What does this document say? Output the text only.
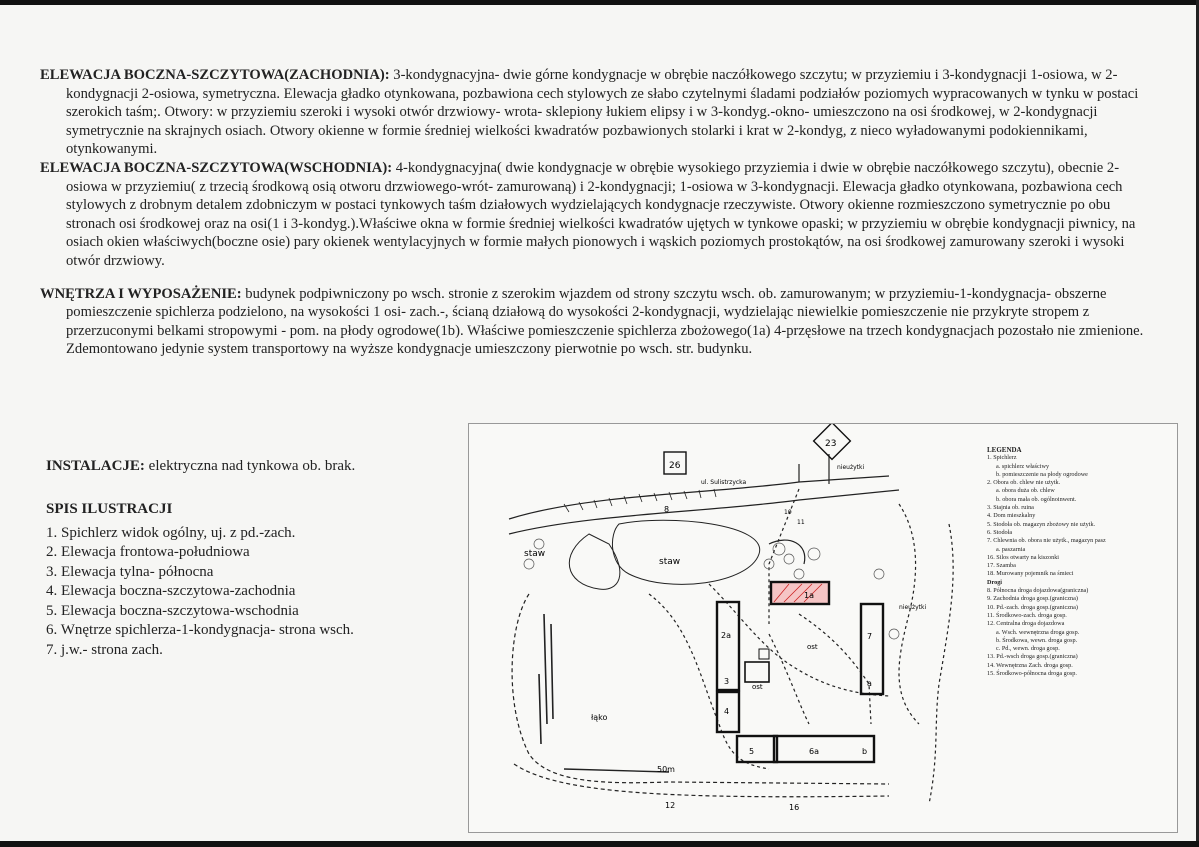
ELEWACJA BOCZNA-SZCZYTOWA(ZACHODNIA): 3-kondygnacyjna- dwie górne kondygnacje w obrębie naczółkowego szczytu; w przyziemiu i 3-kondygnacji 1-osiowa, w 2-kondygnacji 2-osiowa, symetryczna. Elewacja gładko otynkowana, pozbawiona cech stylowych ze słabo czytelnymi śladami podziałów poziomych wypracowanych w tynku w postaci szerokich taśm;. Otwory: w przyziemiu szeroki i wysoki otwór drzwiowy- wrota- sklepiony łukiem elipsy i w 3-kondyg.-okno- umieszczono na osi środkowej, w 2-kondygnacji symetrycznie na skrajnych osiach. Otwory okienne w formie średniej wielkości kwadratów pozbawionych stolarki i krat w 2-kondyg, z nieco wyładowanymi podokiennikami, otynkowanymi.

ELEWACJA BOCZNA-SZCZYTOWA(WSCHODNIA): 4-kondygnacyjna( dwie kondygnacje w obrębie wysokiego przyziemia i dwie w obrębie naczółkowego szczytu), obecnie 2-osiowa w przyziemiu( z trzecią środkową osią otworu drzwiowego-wrót- zamurowaną) i 2-kondygnacji; 1-osiowa w 3-kondygnacji. Elewacja gładko otynkowana, pozbawiona cech stylowych z drobnym detalem zdobniczym w postaci tynkowych taśm działowych wydzielających kondygnacje rzeczywiste. Otwory okienne rozmieszczono symetrycznie po obu stronach osi środkowej oraz na osi(1 i 3-kondyg.).Właściwe okna w formie średniej wielkości kwadratów ujętych w tynkowe opaski; w przyziemiu w obrębie kondygnacji piwnicy, na osiach okien właściwych(boczne osie) pary okienek wentylacyjnych w formie małych pionowych i wąskich poziomych prostokątów, na osi środkowej zamurowany szeroki i wysoki otwór drzwiowy.

WNĘTRZA I WYPOSAŻENIE: budynek podpiwniczony po wsch. stronie z szerokim wjazdem od strony szczytu wsch. ob. zamurowanym; w przyziemiu-1-kondygnacja- obszerne pomieszczenie spichlerza podzielono, na wysokości 1 osi- zach.-, ścianą działową do wysokości 2-kondygnacji, wydzielając niewielkie pomieszczenie nie przykryte stropem z przerzuconymi belkami stropowymi - pom. na płody ogrodowe(1b). Właściwe pomieszczenie spichlerza zbożowego(1a) 4-przęsłowe na trzech kondygnacjach pozostało nie zmienione. Zdemontowano jedynie system transportowy na wyższe kondygnacje umieszczony pierwotnie po wsch. str. budynku.

INSTALACJE: elektryczna nad tynkowa ob. brak.
SPIS ILUSTRACJI
1. Spichlerz widok ogólny, uj. z pd.-zach.
2. Elewacja frontowa-południowa
3. Elewacja tylna- północna
4. Elewacja boczna-szczytowa-zachodnia
5. Elewacja boczna-szczytowa-wschodnia
6. Wnętrze spichlerza-1-kondygnacja- strona wsch.
7. j.w.- strona zach.
staw
staw
łąko
50m
26
23
8
12	16
1a
2a
3
4
5	6a	b
7
a
ost
ost
ul. Sulistrzycka
10
11
nieużytki
nieużytki
LEGENDA
1. Spichlerz
a. spichlerz właściwy
b. pomieszczenie na płody ogrodowe
2. Obora ob. chlew nie użytk.
a. obora duża ob. chlew
b. obora mała ob. ogólnoinwent.
3. Stajnia ob. ruina
4. Dom mieszkalny
5. Stodoła ob. magazyn zbożowy nie użytk.
6. Stodoła
7. Chlewnia ob. obora nie użytk., magazyn pasz
a. paszarnia
16. Silos otwarty na kiszonki
17. Szamba
18. Murowany pojemnik na śmieci
Drogi
8. Północna droga dojazdowa(graniczna)
9. Zachodnia droga gosp.(graniczna)
10. Pd.-zach. droga gosp.(graniczna)
11. Środkowo-zach. droga gosp.
12. Centralna droga dojazdowa
a. Wsch. wewnętrzna droga gosp.
b. Środkowa, wewn. droga gosp.
c. Pd., wewn. droga gosp.
13. Pd.-wsch droga gosp.(graniczna)
14. Wewnętrzna Zach. droga gosp.
15. Środkowo-północna droga gosp.
